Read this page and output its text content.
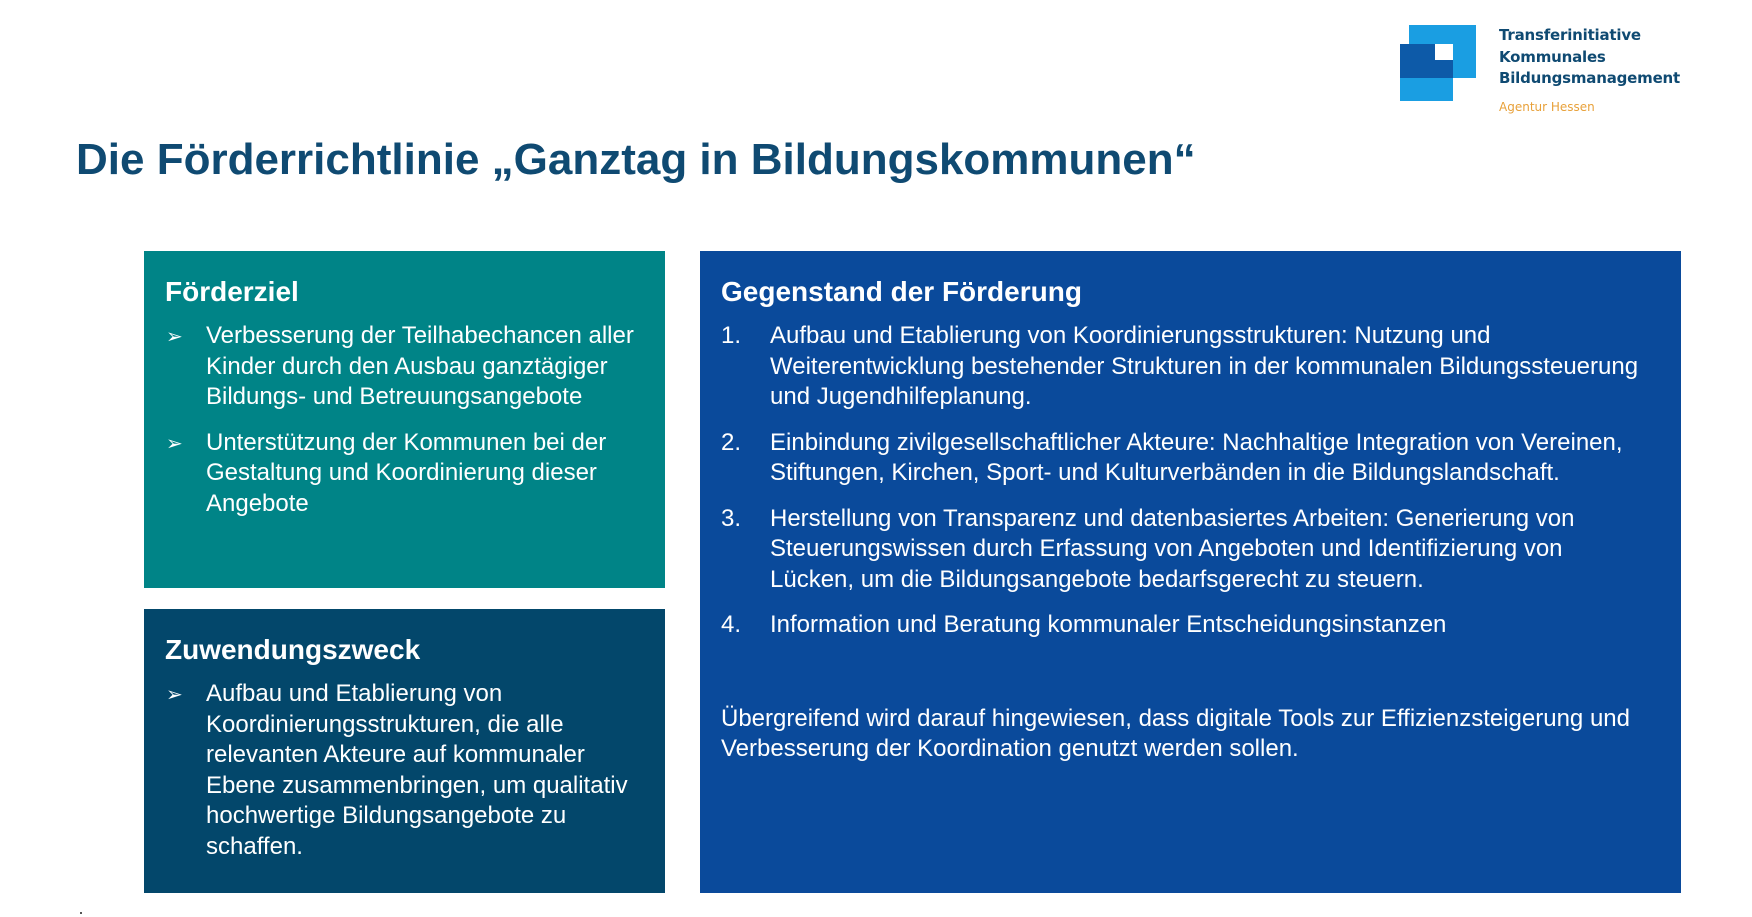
Transferinitiative
Kommunales
Bildungsmanagement
Agentur Hessen
Die Förderrichtlinie „Ganztag in Bildungskommunen“
Förderziel
➢ Verbesserung der Teilhabechancen aller Kinder durch den Ausbau ganztägiger Bildungs- und Betreuungsangebote
➢ Unterstützung der Kommunen bei der Gestaltung und Koordinierung dieser Angebote
Zuwendungszweck
➢ Aufbau und Etablierung von Koordinierungsstrukturen, die alle relevanten Akteure auf kommunaler Ebene zusammenbringen, um qualitativ hochwertige Bildungsangebote zu schaffen.
Gegenstand der Förderung
1. Aufbau und Etablierung von Koordinierungsstrukturen: Nutzung und Weiterentwicklung bestehender Strukturen in der kommunalen Bildungssteuerung und Jugendhilfeplanung.
2. Einbindung zivilgesellschaftlicher Akteure: Nachhaltige Integration von Vereinen, Stiftungen, Kirchen, Sport- und Kulturverbänden in die Bildungslandschaft.
3. Herstellung von Transparenz und datenbasiertes Arbeiten: Generierung von Steuerungswissen durch Erfassung von Angeboten und Identifizierung von Lücken, um die Bildungsangebote bedarfsgerecht zu steuern.
4. Information und Beratung kommunaler Entscheidungsinstanzen

Übergreifend wird darauf hingewiesen, dass digitale Tools zur Effizienzsteigerung und Verbesserung der Koordination genutzt werden sollen.
